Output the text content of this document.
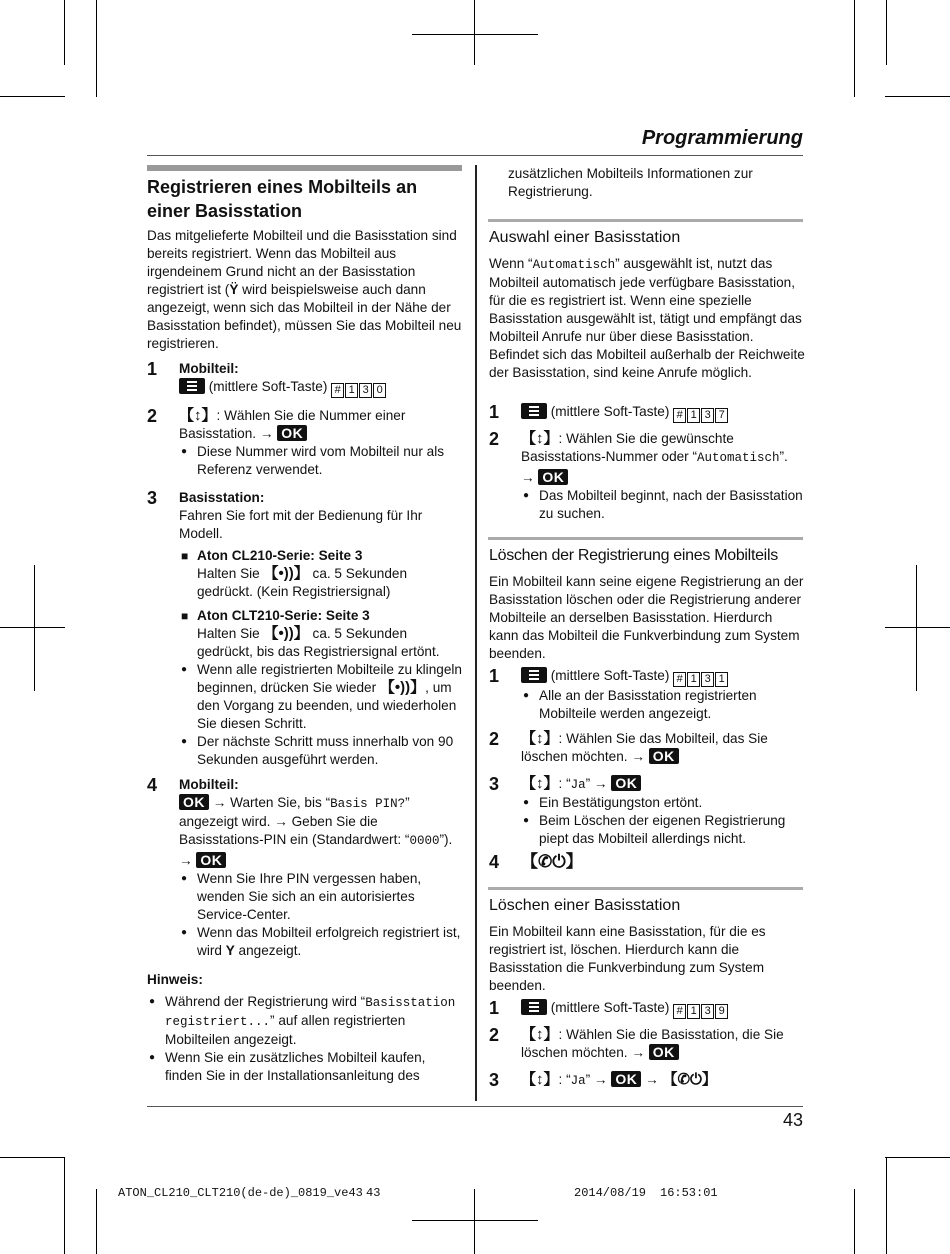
Programmierung
Registrieren eines Mobilteils an einer Basisstation

Das mitgelieferte Mobilteil und die Basisstation sind bereits registriert. Wenn das Mobilteil aus irgendeinem Grund nicht an der Basisstation registriert ist (Ÿ wird beispielsweise auch dann angezeigt, wenn sich das Mobilteil in der Nähe der Basisstation befindet), müssen Sie das Mobilteil neu registrieren.

1 Mobilteil:
(mittlere Soft-Taste) # 1 3 0
2 【↕】: Wählen Sie die Nummer einer Basisstation. → OK
● Diese Nummer wird vom Mobilteil nur als Referenz verwendet.
3 Basisstation:
Fahren Sie fort mit der Bedienung für Ihr Modell.
■ Aton CL210-Serie: Seite 3
Halten Sie 【•))】 ca. 5 Sekunden gedrückt. (Kein Registriersignal)
■ Aton CLT210-Serie: Seite 3
Halten Sie 【•))】 ca. 5 Sekunden gedrückt, bis das Registriersignal ertönt.
● Wenn alle registrierten Mobilteile zu klingeln beginnen, drücken Sie wieder 【•))】, um den Vorgang zu beenden, und wiederholen Sie diesen Schritt.
● Der nächste Schritt muss innerhalb von 90 Sekunden ausgeführt werden.
4 Mobilteil:
OK → Warten Sie, bis “Basis PIN?” angezeigt wird. → Geben Sie die Basisstations-PIN ein (Standardwert: “0000”).
→ OK
● Wenn Sie Ihre PIN vergessen haben, wenden Sie sich an ein autorisiertes Service-Center.
● Wenn das Mobilteil erfolgreich registriert ist, wird Y angezeigt.
Hinweis:
● Während der Registrierung wird “Basisstation registriert...” auf allen registrierten Mobilteilen angezeigt.
● Wenn Sie ein zusätzliches Mobilteil kaufen, finden Sie in der Installationsanleitung des
zusätzlichen Mobilteils Informationen zur Registrierung.
Auswahl einer Basisstation

Wenn “Automatisch” ausgewählt ist, nutzt das Mobilteil automatisch jede verfügbare Basisstation, für die es registriert ist. Wenn eine spezielle Basisstation ausgewählt ist, tätigt und empfängt das Mobilteil Anrufe nur über diese Basisstation. Befindet sich das Mobilteil außerhalb der Reichweite der Basisstation, sind keine Anrufe möglich.

1	(mittlere Soft-Taste) # 1 3 7
2 【↕】: Wählen Sie die gewünschte Basisstations-Nummer oder “Automatisch”.
→ OK
● Das Mobilteil beginnt, nach der Basisstation zu suchen.
Löschen der Registrierung eines Mobilteils

Ein Mobilteil kann seine eigene Registrierung an der Basisstation löschen oder die Registrierung anderer Mobilteile an derselben Basisstation. Hierdurch kann das Mobilteil die Funkverbindung zum System beenden.

1	(mittlere Soft-Taste) # 1 3 1
● Alle an der Basisstation registrierten Mobilteile werden angezeigt.
2 【↕】: Wählen Sie das Mobilteil, das Sie löschen möchten. → OK
3 【↕】: “Ja” → OK
● Ein Bestätigungston ertönt.
● Beim Löschen der eigenen Registrierung piept das Mobilteil allerdings nicht.
4 【✆⏻】
Löschen einer Basisstation

Ein Mobilteil kann eine Basisstation, für die es registriert ist, löschen. Hierdurch kann die Basisstation die Funkverbindung zum System beenden.

1	(mittlere Soft-Taste) # 1 3 9
2 【↕】: Wählen Sie die Basisstation, die Sie löschen möchten. → OK
3 【↕】: “Ja” → OK → 【✆⏻】
43
ATON_CL210_CLT210(de-de)_0819_ve43 43	2014/08/19 16:53:01
